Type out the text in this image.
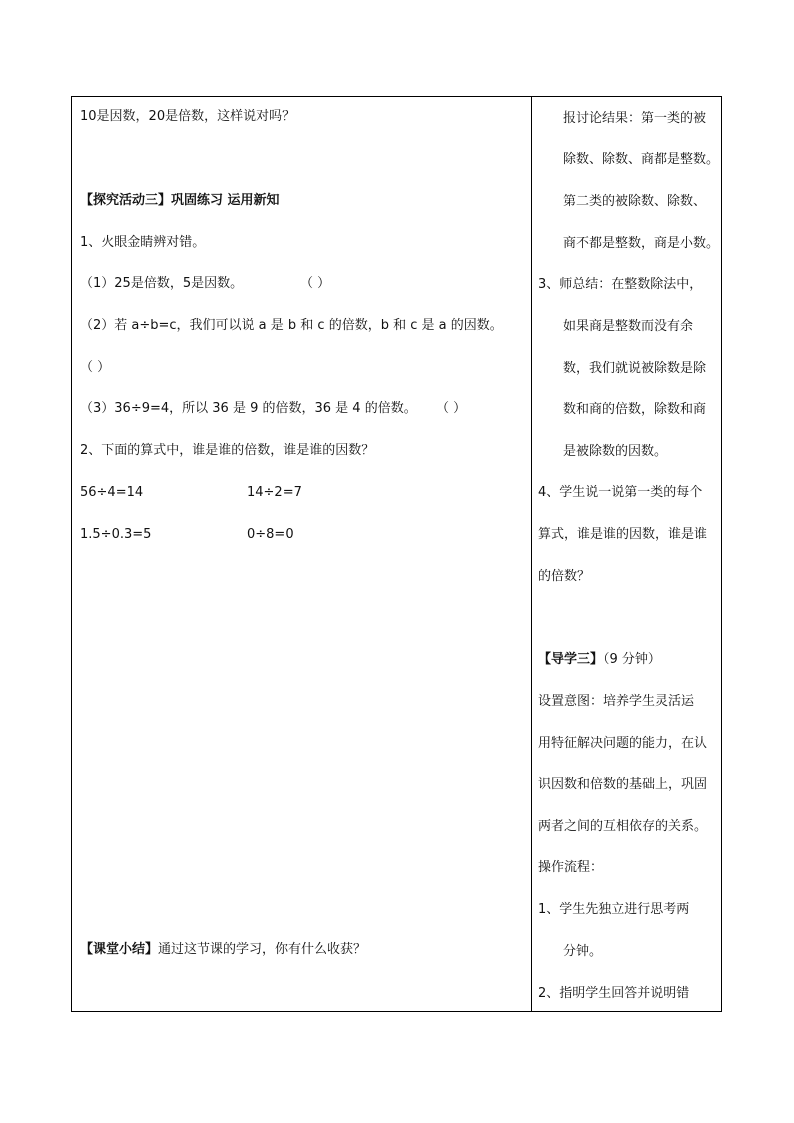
10是因数，20是倍数，这样说对吗？
【探究活动三】巩固练习 运用新知
1、火眼金睛辨对错。
（1）25是倍数，5是因数。	（ ）
（2）若 a÷b=c，我们可以说 a 是 b 和 c 的倍数，b 和 c 是 a 的因数。
（ ）
（3）36÷9=4，所以 36 是 9 的倍数，36 是 4 的倍数。 （ ）
2、下面的算式中，谁是谁的倍数，谁是谁的因数？
56÷4=14	14÷2=7
1.5÷0.3=5	0÷8=0
【课堂小结】通过这节课的学习，你有什么收获？
报讨论结果：第一类的被
除数、除数、商都是整数。
第二类的被除数、除数、
商不都是整数，商是小数。
3、师总结：在整数除法中，
如果商是整数而没有余
数，我们就说被除数是除
数和商的倍数，除数和商
是被除数的因数。
4、学生说一说第一类的每个
算式，谁是谁的因数，谁是谁
的倍数？
【导学三】（9 分钟）
设置意图：培养学生灵活运
用特征解决问题的能力，在认
识因数和倍数的基础上，巩固
两者之间的互相依存的关系。
操作流程：
1、学生先独立进行思考两
分钟。
2、指明学生回答并说明错
